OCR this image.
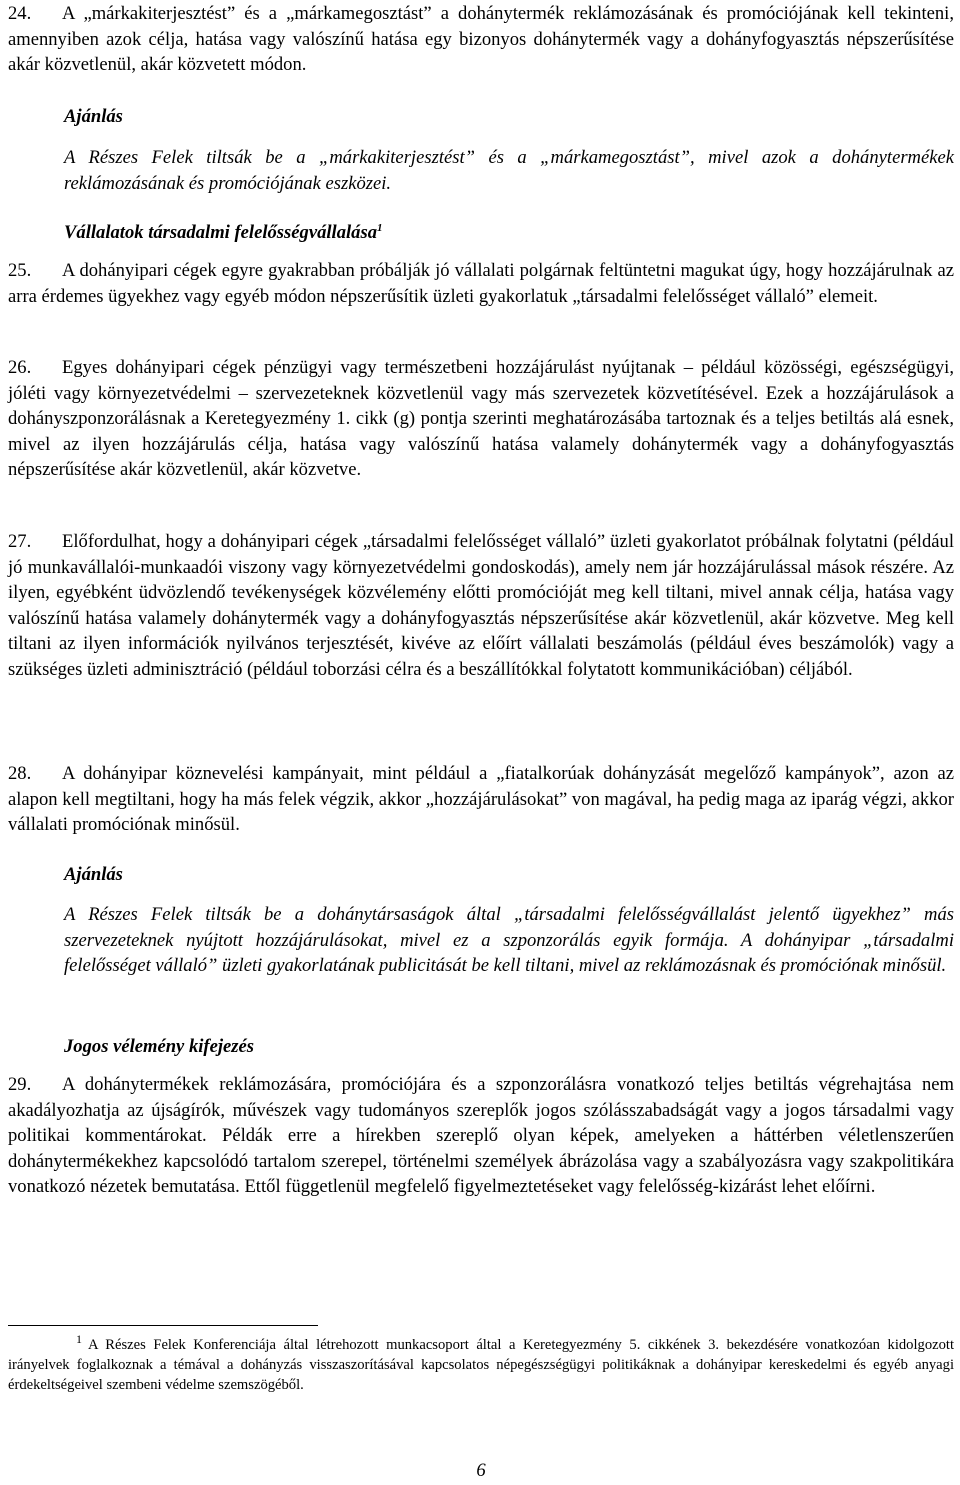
24. A „márkakiterjesztést” és a „márkamegosztást” a dohánytermék reklámozásának és promóciójának kell tekinteni, amennyiben azok célja, hatása vagy valószínű hatása egy bizonyos dohánytermék vagy a dohányfogyasztás népszerűsítése akár közvetlenül, akár közvetett módon.

Ajánlás

A Részes Felek tiltsák be a „márkakiterjesztést” és a „márkamegosztást”, mivel azok a dohánytermékek reklámozásának és promóciójának eszközei.

Vállalatok társadalmi felelősségvállalása$^1$

25. A dohányipari cégek egyre gyakrabban próbálják jó vállalati polgárnak feltüntetni magukat úgy, hogy hozzájárulnak az arra érdemes ügyekhez vagy egyéb módon népszerűsítik üzleti gyakorlatuk „társadalmi felelősséget vállaló” elemeit.

26. Egyes dohányipari cégek pénzügyi vagy természetbeni hozzájárulást nyújtanak – például közösségi, egészségügyi, jóléti vagy környezetvédelmi – szervezeteknek közvetlenül vagy más szervezetek közvetítésével. Ezek a hozzájárulások a dohányszponzorálásnak a Keretegyezmény 1. cikk (g) pontja szerinti meghatározásába tartoznak és a teljes betiltás alá esnek, mivel az ilyen hozzájárulás célja, hatása vagy valószínű hatása valamely dohánytermék vagy a dohányfogyasztás népszerűsítése akár közvetlenül, akár közvetve.

27. Előfordulhat, hogy a dohányipari cégek „társadalmi felelősséget vállaló” üzleti gyakorlatot próbálnak folytatni (például jó munkavállalói-munkaadói viszony vagy környezetvédelmi gondoskodás), amely nem jár hozzájárulással mások részére. Az ilyen, egyébként üdvözlendő tevékenységek közvélemény előtti promócióját meg kell tiltani, mivel annak célja, hatása vagy valószínű hatása valamely dohánytermék vagy a dohányfogyasztás népszerűsítése akár közvetlenül, akár közvetve. Meg kell tiltani az ilyen információk nyilvános terjesztését, kivéve az előírt vállalati beszámolás (például éves beszámolók) vagy a szükséges üzleti adminisztráció (például toborzási célra és a beszállítókkal folytatott kommunikációban) céljából.

28. A dohányipar köznevelési kampányait, mint például a „fiatalkorúak dohányzását megelőző kampányok”, azon az alapon kell megtiltani, hogy ha más felek végzik, akkor „hozzájárulásokat” von magával, ha pedig maga az iparág végzi, akkor vállalati promóciónak minősül.

Ajánlás

A Részes Felek tiltsák be a dohánytársaságok által „társadalmi felelősségvállalást jelentő ügyekhez” más szervezeteknek nyújtott hozzájárulásokat, mivel ez a szponzorálás egyik formája. A dohányipar „társadalmi felelősséget vállaló” üzleti gyakorlatának publicitását be kell tiltani, mivel az reklámozásnak és promóciónak minősül.

Jogos vélemény kifejezés

29. A dohánytermékek reklámozására, promóciójára és a szponzorálásra vonatkozó teljes betiltás végrehajtása nem akadályozhatja az újságírók, művészek vagy tudományos szereplők jogos szólásszabadságát vagy a jogos társadalmi vagy politikai kommentárokat. Példák erre a hírekben szereplő olyan képek, amelyeken a háttérben véletlenszerűen dohánytermékekhez kapcsolódó tartalom szerepel, történelmi személyek ábrázolása vagy a szabályozásra vagy szakpolitikára vonatkozó nézetek bemutatása. Ettől függetlenül megfelelő figyelmeztetéseket vagy felelősség-kizárást lehet előírni.

1 A Részes Felek Konferenciája által létrehozott munkacsoport által a Keretegyezmény 5. cikkének 3. bekezdésére vonatkozóan kidolgozott irányelvek foglalkoznak a témával a dohányzás visszaszorításával kapcsolatos népegészségügyi politikáknak a dohányipar kereskedelmi és egyéb anyagi érdekeltségeivel szembeni védelme szemszögéből.

6
